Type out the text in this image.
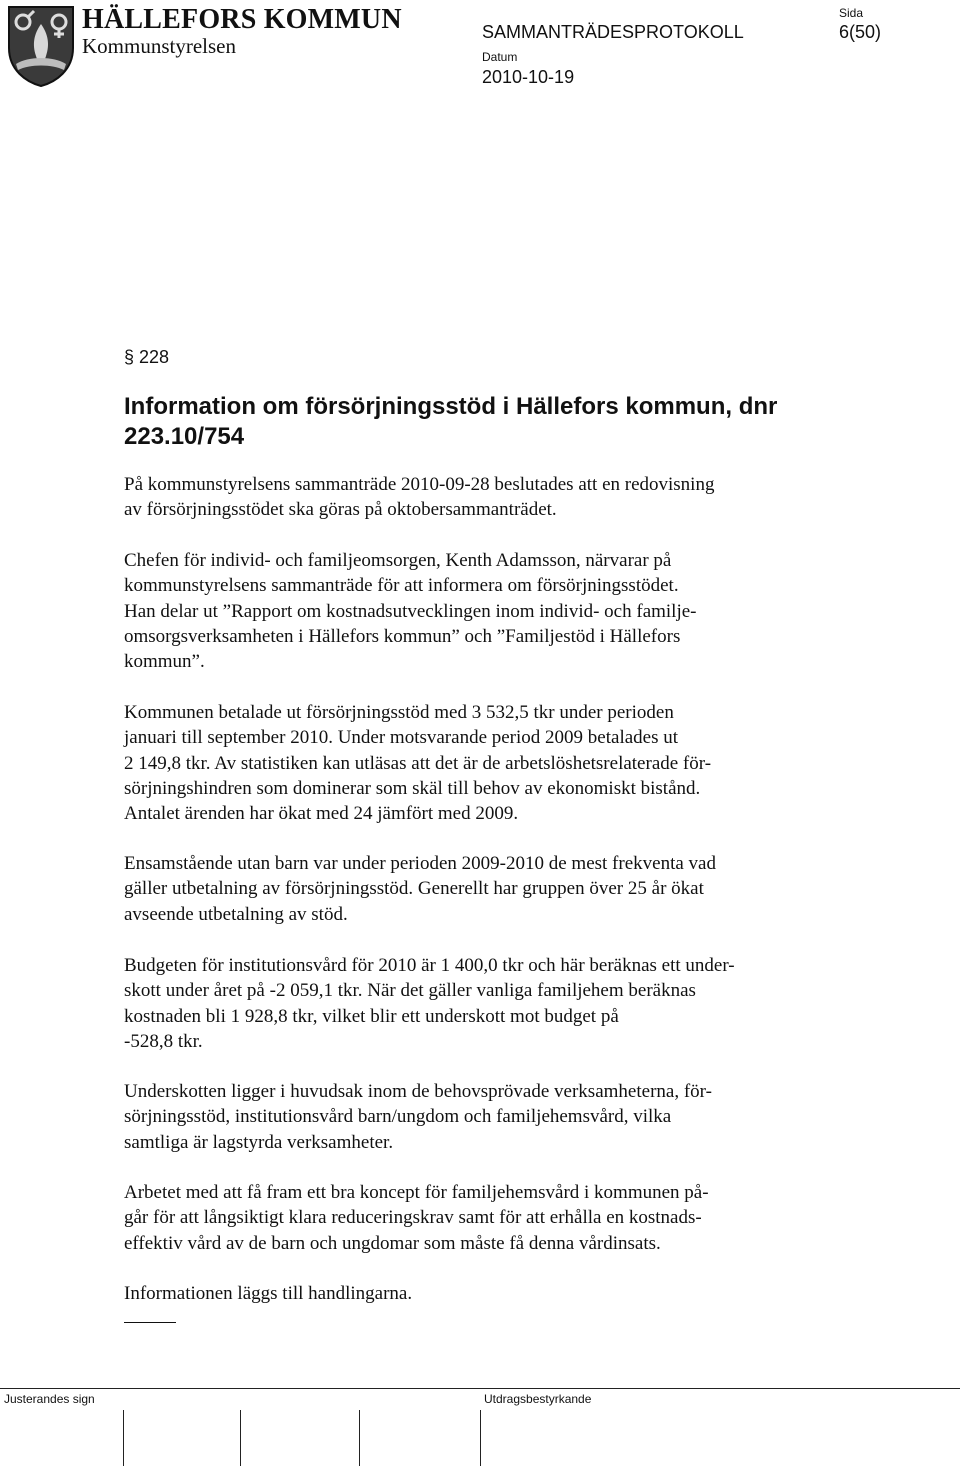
HÄLLEFORS KOMMUN
Kommunstyrelsen
SAMMANTRÄDESPROTOKOLL
Datum
2010-10-19
Sida
6(50)
§ 228
Information om försörjningsstöd i Hällefors kommun, dnr 223.10/754
På kommunstyrelsens sammanträde 2010-09-28 beslutades att en redovisning
av försörjningsstödet ska göras på oktobersammanträdet.
Chefen för individ- och familjeomsorgen, Kenth Adamsson, närvarar på
kommunstyrelsens sammanträde för att informera om försörjningsstödet.
Han delar ut ”Rapport om kostnadsutvecklingen inom individ- och familje-
omsorgsverksamheten i Hällefors kommun” och ”Familjestöd i Hällefors
kommun”.
Kommunen betalade ut försörjningsstöd med 3 532,5 tkr under perioden
januari till september 2010. Under motsvarande period 2009 betalades ut
2 149,8 tkr. Av statistiken kan utläsas att det är de arbetslöshetsrelaterade för-
sörjningshindren som dominerar som skäl till behov av ekonomiskt bistånd.
Antalet ärenden har ökat med 24 jämfört med 2009.
Ensamstående utan barn var under perioden 2009-2010 de mest frekventa vad
gäller utbetalning av försörjningsstöd. Generellt har gruppen över 25 år ökat
avseende utbetalning av stöd.
Budgeten för institutionsvård för 2010 är 1 400,0 tkr och här beräknas ett under-
skott under året på -2 059,1 tkr. När det gäller vanliga familjehem beräknas
kostnaden bli 1 928,8 tkr, vilket blir ett underskott mot budget på
-528,8 tkr.
Underskotten ligger i huvudsak inom de behovsprövade verksamheterna, för-
sörjningsstöd, institutionsvård barn/ungdom och familjehemsvård, vilka
samtliga är lagstyrda verksamheter.
Arbetet med att få fram ett bra koncept för familjehemsvård i kommunen på-
går för att långsiktigt klara reduceringskrav samt för att erhålla en kostnads-
effektiv vård av de barn och ungdomar som måste få denna vårdinsats.
Informationen läggs till handlingarna.
Justerandes sign	Utdragsbestyrkande
